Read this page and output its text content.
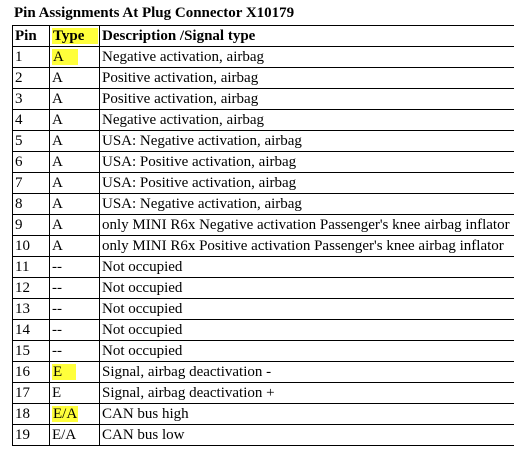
Pin Assignments At Plug Connector X10179
Pin	Type	Description /Signal type
1	A	Negative activation, airbag
2	A	Positive activation, airbag
3	A	Positive activation, airbag
4	A	Negative activation, airbag
5	A	USA: Negative activation, airbag
6	A	USA: Positive activation, airbag
7	A	USA: Positive activation, airbag
8	A	USA: Negative activation, airbag
9	A	only MINI R6x Negative activation Passenger's knee airbag inflator
10	A	only MINI R6x Positive activation Passenger's knee airbag inflator
11	--	Not occupied
12	--	Not occupied
13	--	Not occupied
14	--	Not occupied
15	--	Not occupied
16	E	Signal, airbag deactivation -
17	E	Signal, airbag deactivation +
18	E/A	CAN bus high
19	E/A	CAN bus low
